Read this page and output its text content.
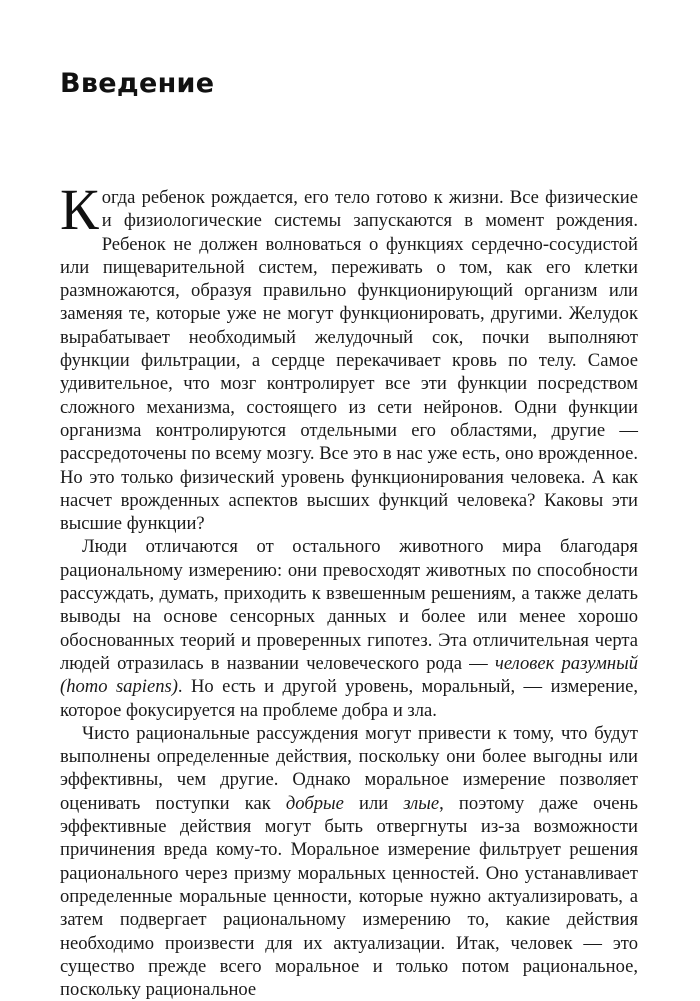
Введение

Когда ребенок рождается, его тело готово к жизни. Все физические и физиологические системы запускаются в момент рождения. Ребенок не должен волноваться о функциях сердечно-сосудистой или пищеварительной систем, переживать о том, как его клетки размножаются, образуя правильно функционирующий организм или заменяя те, которые уже не могут функционировать, другими. Желудок вырабатывает необходимый желудочный сок, почки выполняют функции фильтрации, а сердце перекачивает кровь по телу. Самое удивительное, что мозг контролирует все эти функции посредством сложного механизма, состоящего из сети нейронов. Одни функции организма контролируются отдельными его областями, другие — рассредоточены по всему мозгу. Все это в нас уже есть, оно врожденное. Но это только физический уровень функционирования человека. А как насчет врожденных аспектов высших функций человека? Каковы эти высшие функции?

Люди отличаются от остального животного мира благодаря рациональному измерению: они превосходят животных по способности рассуждать, думать, приходить к взвешенным решениям, а также делать выводы на основе сенсорных данных и более или менее хорошо обоснованных теорий и проверенных гипотез. Эта отличительная черта людей отразилась в названии человеческого рода — человек разумный (homo sapiens). Но есть и другой уровень, моральный, — измерение, которое фокусируется на проблеме добра и зла.

Чисто рациональные рассуждения могут привести к тому, что будут выполнены определенные действия, поскольку они более выгодны или эффективны, чем другие. Однако моральное измерение позволяет оценивать поступки как добрые или злые, поэтому даже очень эффективные действия могут быть отвергнуты из-за возможности причинения вреда кому-то. Моральное измерение фильтрует решения рационального через призму моральных ценностей. Оно устанавливает определенные моральные ценности, которые нужно актуализировать, а затем подвергает рациональному измерению то, какие действия необходимо произвести для их актуализации. Итак, человек — это существо прежде всего моральное и только потом рациональное, поскольку рациональное
